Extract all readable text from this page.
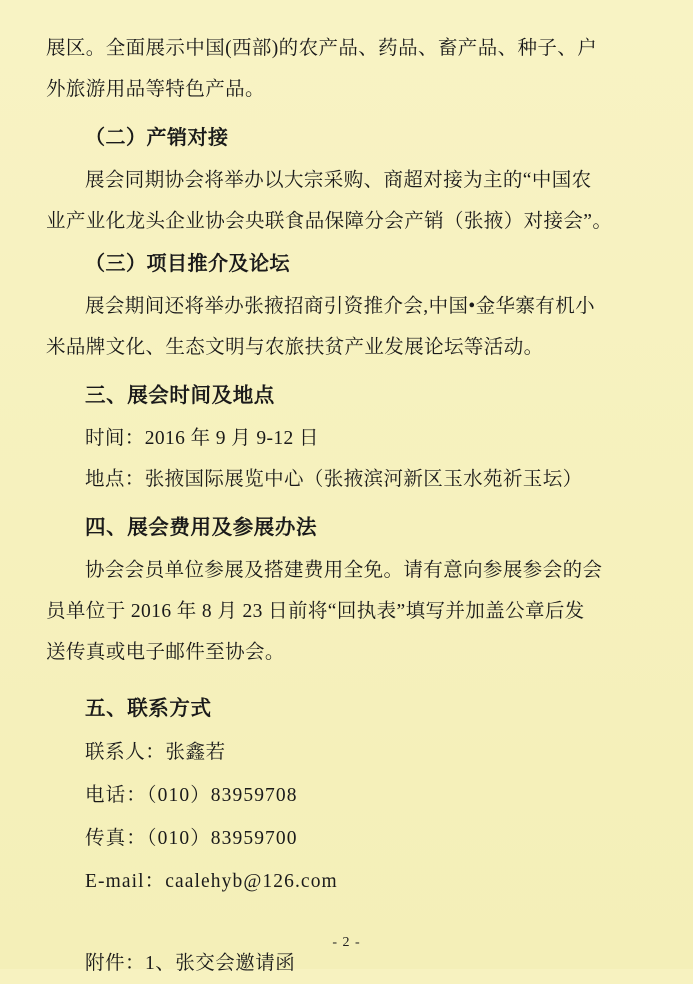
展区。全面展示中国(西部)的农产品、药品、畜产品、种子、户
外旅游用品等特色产品。
（二）产销对接
展会同期协会将举办以大宗采购、商超对接为主的“中国农
业产业化龙头企业协会央联食品保障分会产销（张掖）对接会”。
（三）项目推介及论坛
展会期间还将举办张掖招商引资推介会,中国•金华寨有机小
米品牌文化、生态文明与农旅扶贫产业发展论坛等活动。
三、展会时间及地点
时间：2016 年 9 月 9-12 日
地点：张掖国际展览中心（张掖滨河新区玉水苑祈玉坛）
四、展会费用及参展办法
协会会员单位参展及搭建费用全免。请有意向参展参会的会
员单位于 2016 年 8 月 23 日前将“回执表”填写并加盖公章后发
送传真或电子邮件至协会。
五、联系方式
联系人：张鑫若
电话：（010）83959708
传真：（010）83959700
E-mail：caalehyb@126.com
附件：1、张交会邀请函
- 2 -
